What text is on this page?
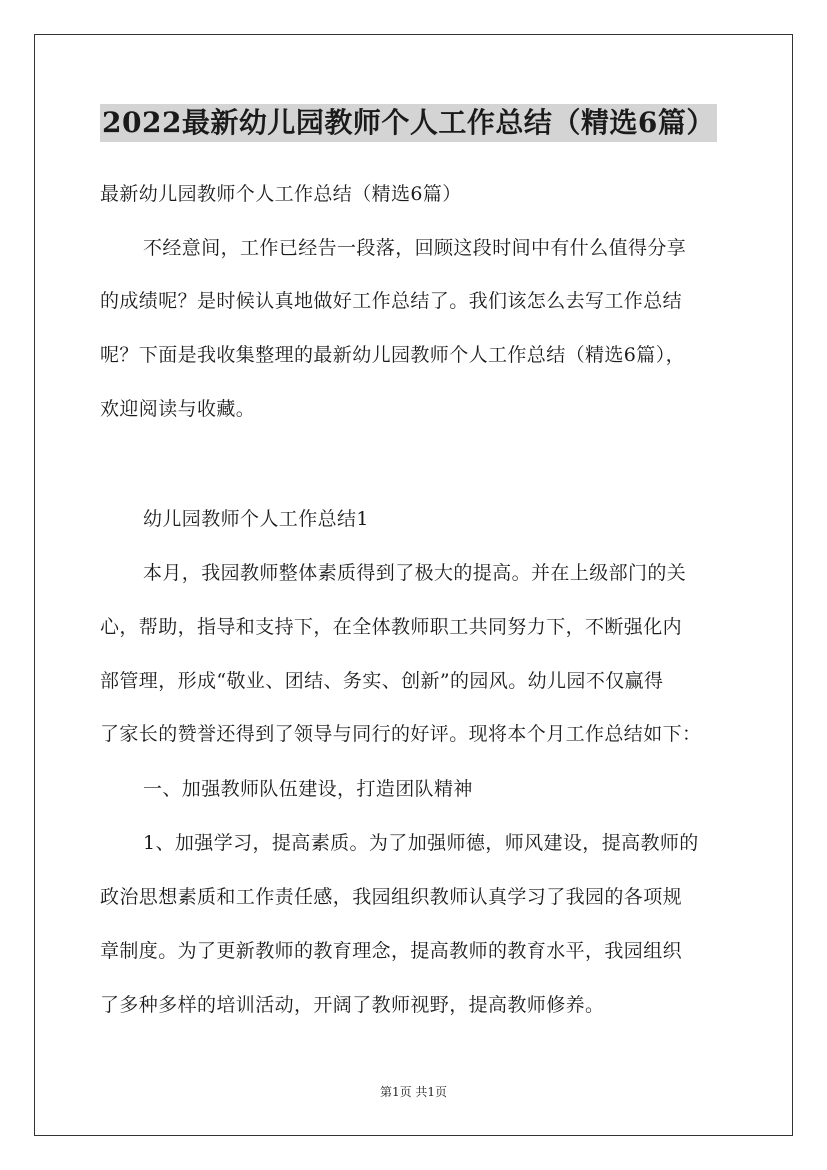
2022最新幼儿园教师个人工作总结（精选6篇）
最新幼儿园教师个人工作总结（精选6篇）
不经意间，工作已经告一段落，回顾这段时间中有什么值得分享
的成绩呢？是时候认真地做好工作总结了。我们该怎么去写工作总结
呢？下面是我收集整理的最新幼儿园教师个人工作总结（精选6篇），
欢迎阅读与收藏。
幼儿园教师个人工作总结1
本月，我园教师整体素质得到了极大的提高。并在上级部门的关
心，帮助，指导和支持下，在全体教师职工共同努力下，不断强化内
部管理，形成“敬业、团结、务实、创新”的园风。幼儿园不仅赢得
了家长的赞誉还得到了领导与同行的好评。现将本个月工作总结如下：
一、加强教师队伍建设，打造团队精神
1、加强学习，提高素质。为了加强师德，师风建设，提高教师的
政治思想素质和工作责任感，我园组织教师认真学习了我园的各项规
章制度。为了更新教师的教育理念，提高教师的教育水平，我园组织
了多种多样的培训活动，开阔了教师视野，提高教师修养。
第1页 共1页
